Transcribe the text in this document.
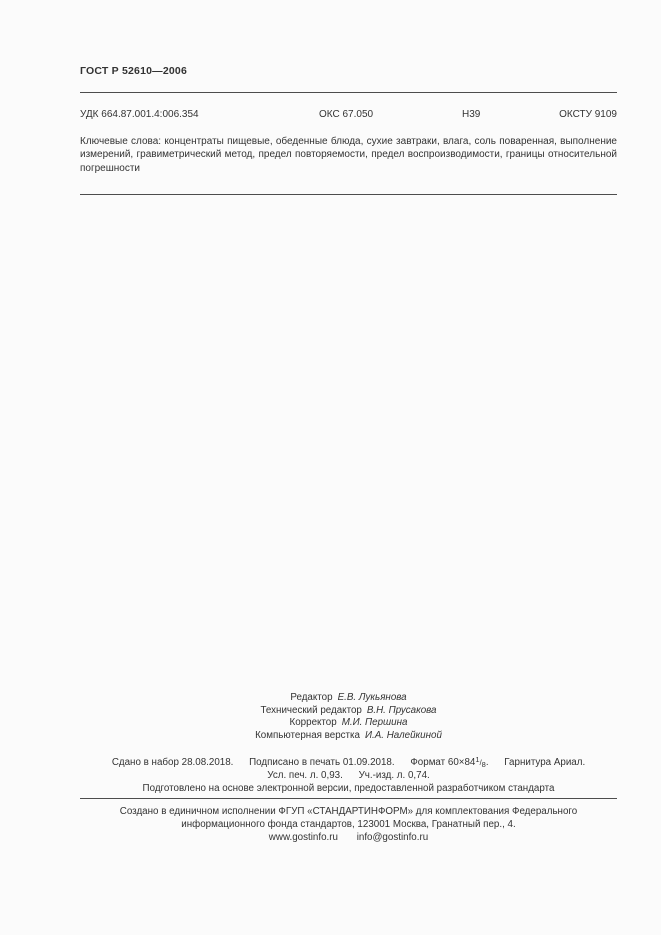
ГОСТ Р 52610—2006
УДК 664.87.001.4:006.354	ОКС 67.050	Н39	ОКСТУ 9109

Ключевые слова: концентраты пищевые, обеденные блюда, сухие завтраки, влага, соль поваренная, выполнение измерений, гравиметрический метод, предел повторяемости, предел воспроизводимости, границы относительной погрешности

Редактор Е.В. Лукьянова
Технический редактор В.Н. Прусакова
Корректор М.И. Першина
Компьютерная верстка И.А. Налейкиной
Сдано в набор 28.08.2018. Подписано в печать 01.09.2018. Формат 60×841/8. Гарнитура Ариал.
Усл. печ. л. 0,93. Уч.-изд. л. 0,74.
Подготовлено на основе электронной версии, предоставленной разработчиком стандарта
Создано в единичном исполнении ФГУП «СТАНДАРТИНФОРМ» для комплектования Федерального
информационного фонда стандартов, 123001 Москва, Гранатный пер., 4.
www.gostinfo.ru info@gostinfo.ru
